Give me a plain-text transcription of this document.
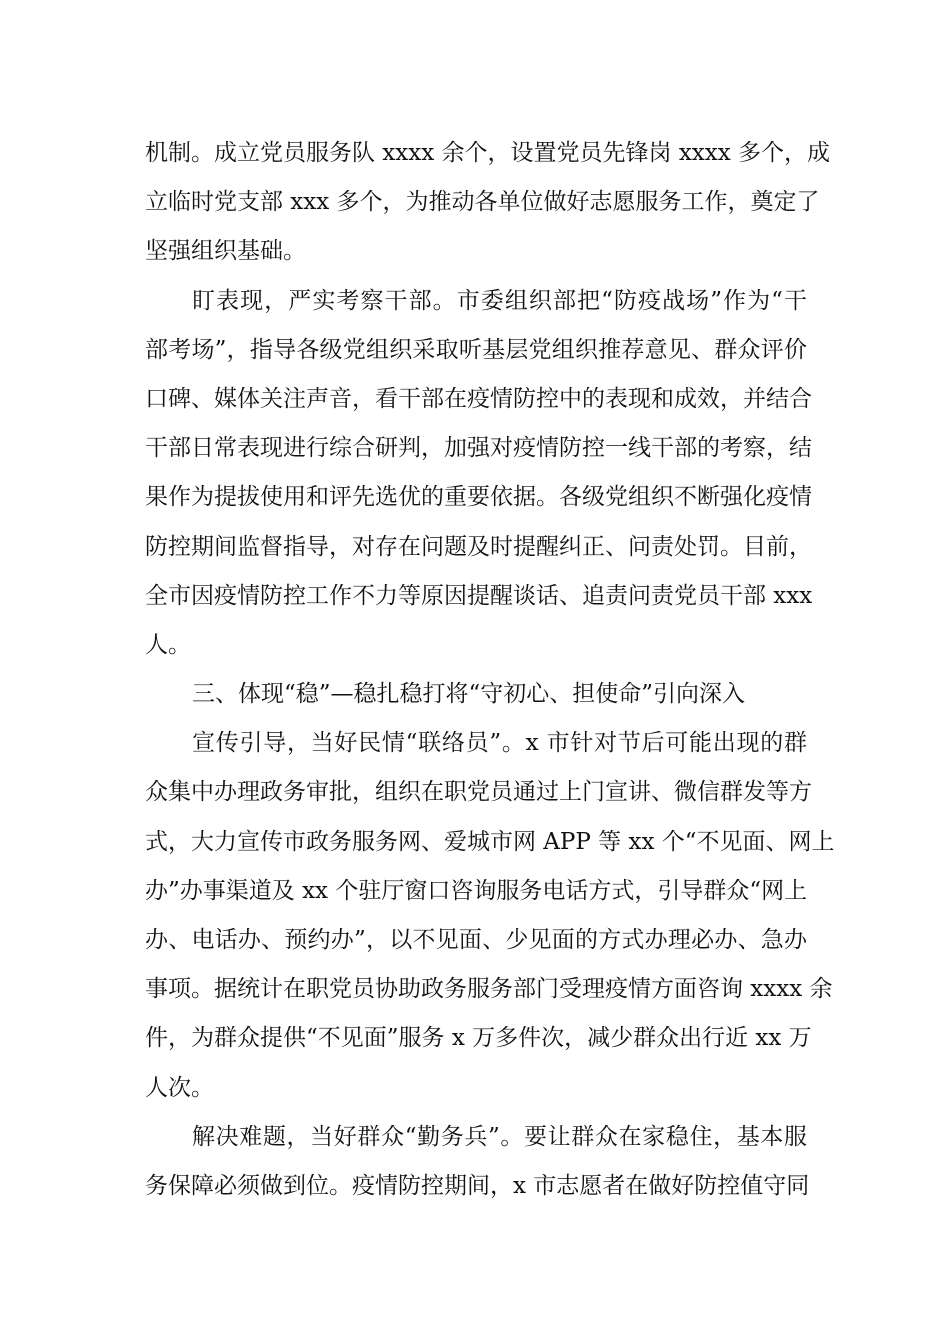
机制。成立党员服务队 xxxx 余个，设置党员先锋岗 xxxx 多个，成
立临时党支部 xxx 多个，为推动各单位做好志愿服务工作，奠定了
坚强组织基础。
盯表现，严实考察干部。市委组织部把“防疫战场”作为“干
部考场”，指导各级党组织采取听基层党组织推荐意见、群众评价
口碑、媒体关注声音，看干部在疫情防控中的表现和成效，并结合
干部日常表现进行综合研判，加强对疫情防控一线干部的考察，结
果作为提拔使用和评先选优的重要依据。各级党组织不断强化疫情
防控期间监督指导，对存在问题及时提醒纠正、问责处罚。目前，
全市因疫情防控工作不力等原因提醒谈话、追责问责党员干部 xxx
人。
三、体现“稳”—稳扎稳打将“守初心、担使命”引向深入
宣传引导，当好民情“联络员”。x 市针对节后可能出现的群
众集中办理政务审批，组织在职党员通过上门宣讲、微信群发等方
式，大力宣传市政务服务网、爱城市网 APP 等 xx 个“不见面、网上
办”办事渠道及 xx 个驻厅窗口咨询服务电话方式，引导群众“网上
办、电话办、预约办”，以不见面、少见面的方式办理必办、急办
事项。据统计在职党员协助政务服务部门受理疫情方面咨询 xxxx 余
件，为群众提供“不见面”服务 x 万多件次，减少群众出行近 xx 万
人次。
解决难题，当好群众“勤务兵”。要让群众在家稳住，基本服
务保障必须做到位。疫情防控期间，x 市志愿者在做好防控值守同
